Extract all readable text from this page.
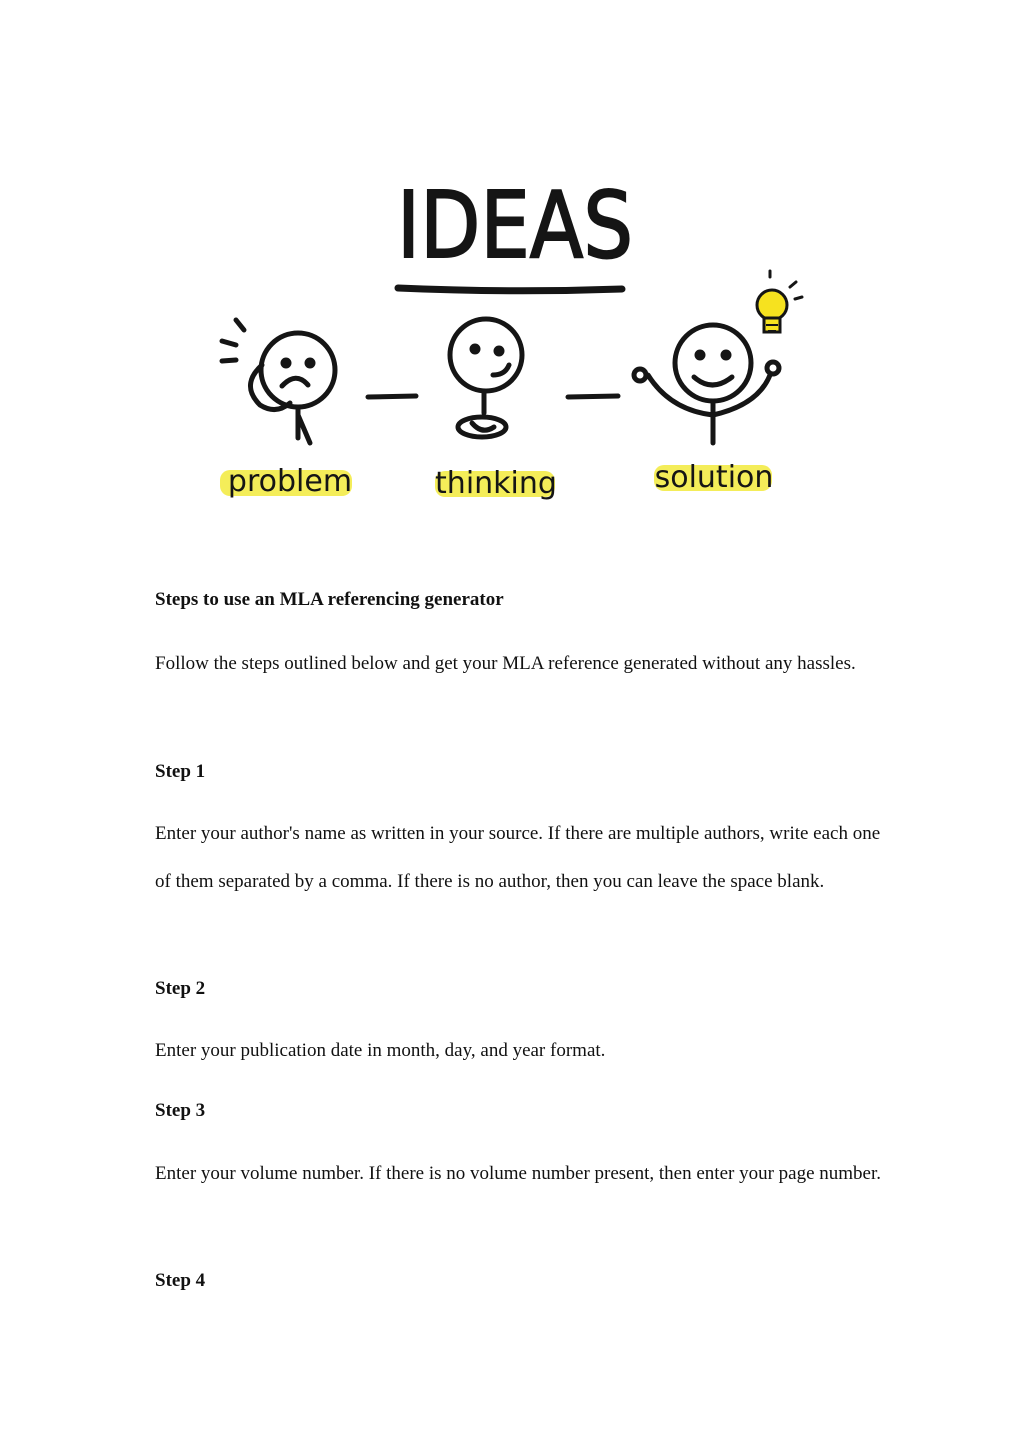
IDEAS
problem	thinking	solution

Steps to use an MLA referencing generator

Follow the steps outlined below and get your MLA reference generated without any hassles.

Step 1

Enter your author's name as written in your source. If there are multiple authors, write each one of them separated by a comma. If there is no author, then you can leave the space blank.

Step 2

Enter your publication date in month, day, and year format.

Step 3

Enter your volume number. If there is no volume number present, then enter your page number.

Step 4
